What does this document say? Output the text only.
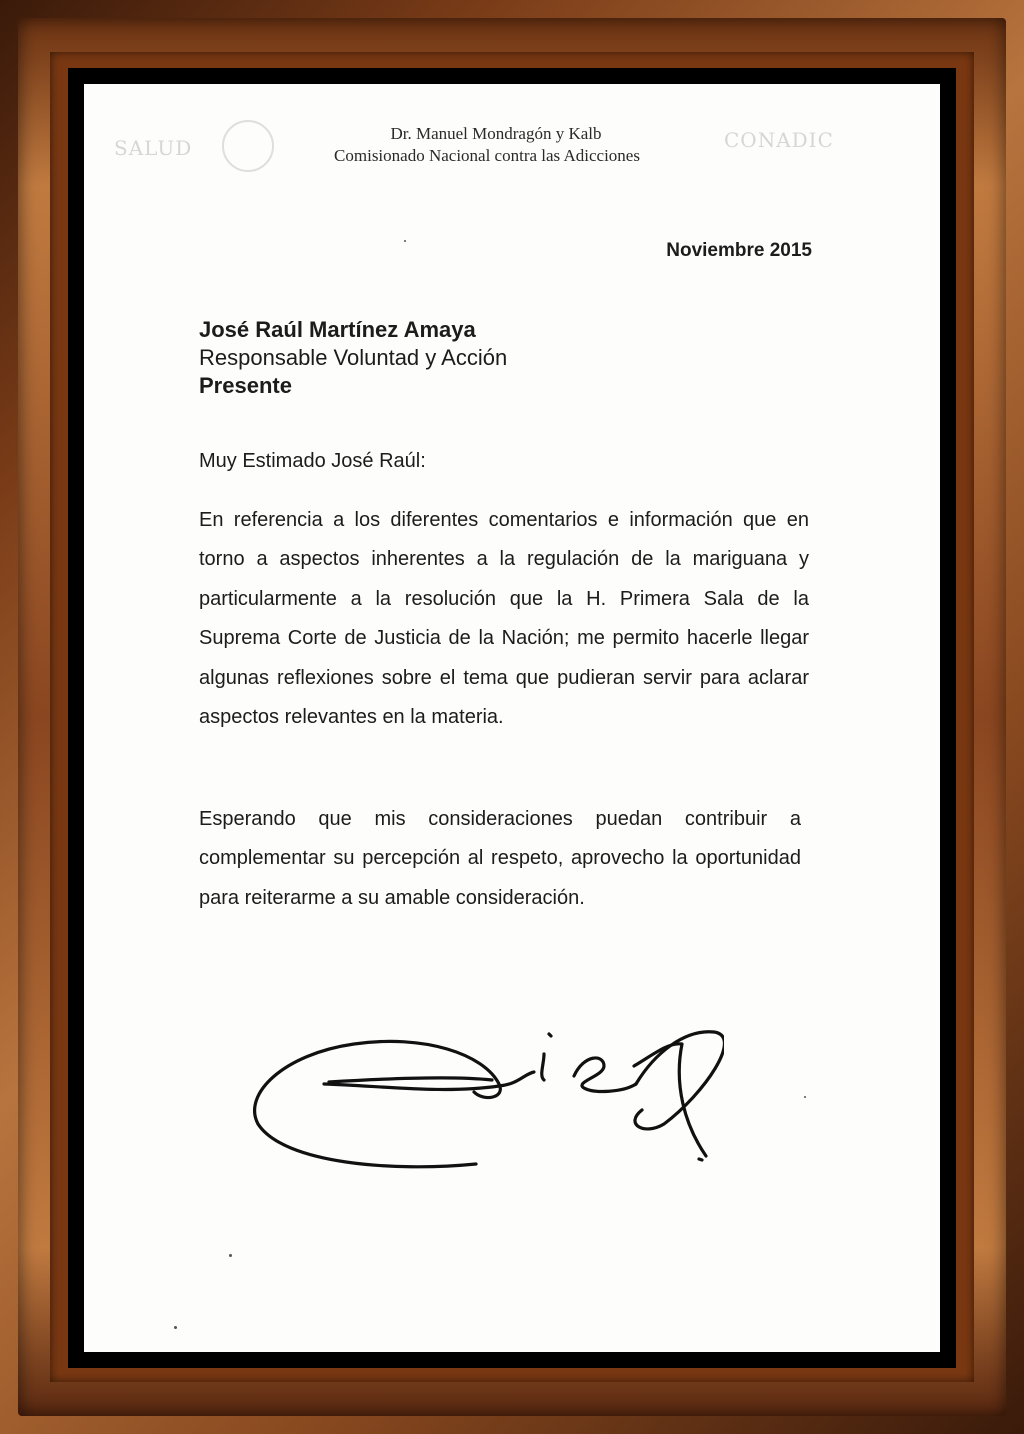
SALUD	CONADIC
Dr. Manuel Mondragón y Kalb
Comisionado Nacional contra las Adicciones
Noviembre 2015
José Raúl Martínez Amaya
Responsable Voluntad y Acción
Presente
Muy Estimado José Raúl:
En referencia a los diferentes comentarios e información que en torno a aspectos inherentes a la regulación de la mariguana y particularmente a la resolución que la H. Primera Sala de la Suprema Corte de Justicia de la Nación; me permito hacerle llegar algunas reflexiones sobre el tema que pudieran servir para aclarar aspectos relevantes en la materia.
Esperando que mis consideraciones puedan contribuir a complementar su percepción al respeto, aprovecho la oportunidad para reiterarme a su amable consideración.
